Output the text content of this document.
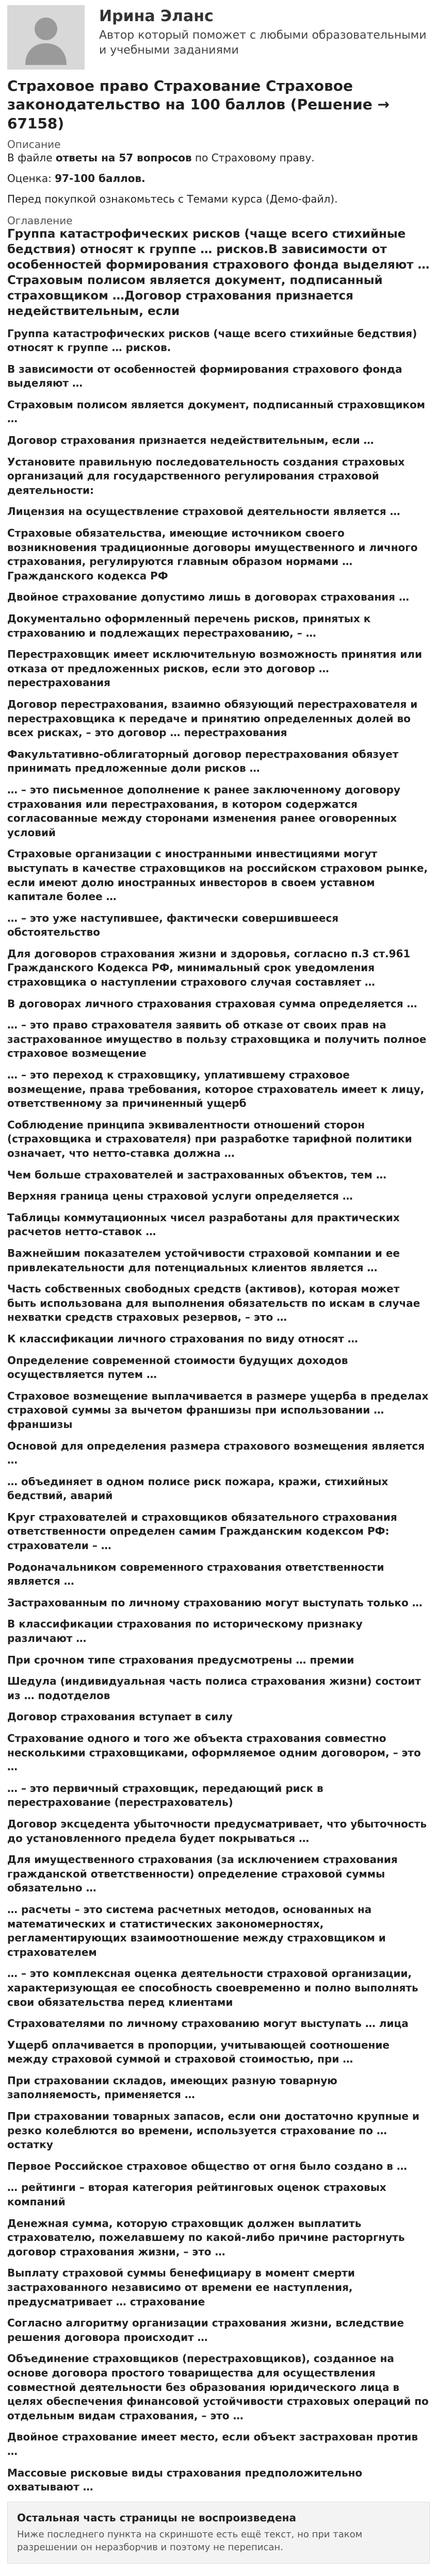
Ирина Эланс
Автор который поможет с любыми образовательными и учебными заданиями
Страховое право Страхование Страховое законодательство на 100 баллов (Решение → 67158)
Описание
В файле ответы на 57 вопросов по Страховому праву.
Оценка: 97-100 баллов.
Перед покупкой ознакомьтесь с Темами курса (Демо-файл).
Оглавление
Группа катастрофических рисков (чаще всего стихийные бедствия) относят к группе … рисков.В зависимости от особенностей формирования страхового фонда выделяют …Страховым полисом является документ, подписанный страховщиком …Договор страхования признается недействительным, если

Группа катастрофических рисков (чаще всего стихийные бедствия) относят к группе … рисков.

В зависимости от особенностей формирования страхового фонда выделяют …

Страховым полисом является документ, подписанный страховщиком …

Договор страхования признается недействительным, если …

Установите правильную последовательность создания страховых организаций для государственного регулирования страховой деятельности:

Лицензия на осуществление страховой деятельности является …

Страховые обязательства, имеющие источником своего возникновения традиционные договоры имущественного и личного страхования, регулируются главным образом нормами … Гражданского кодекса РФ

Двойное страхование допустимо лишь в договорах страхования …

Документально оформленный перечень рисков, принятых к страхованию и подлежащих перестрахованию, – …

Перестраховщик имеет исключительную возможность принятия или отказа от предложенных рисков, если это договор … перестрахования

Договор перестрахования, взаимно обязующий перестрахователя и перестраховщика к передаче и принятию определенных долей во всех рисках, – это договор … перестрахования

Факультативно-облигаторный договор перестрахования обязует принимать предложенные доли рисков …

… – это письменное дополнение к ранее заключенному договору страхования или перестрахования, в котором содержатся согласованные между сторонами изменения ранее оговоренных условий

Страховые организации с иностранными инвестициями могут выступать в качестве страховщиков на российском страховом рынке, если имеют долю иностранных инвесторов в своем уставном капитале более …

… – это уже наступившее, фактически совершившееся обстоятельство

Для договоров страхования жизни и здоровья, согласно п.3 ст.961 Гражданского Кодекса РФ, минимальный срок уведомления страховщика о наступлении страхового случая составляет …

В договорах личного страхования страховая сумма определяется …

… – это право страхователя заявить об отказе от своих прав на застрахованное имущество в пользу страховщика и получить полное страховое возмещение

… – это переход к страховщику, уплатившему страховое возмещение, права требования, которое страхователь имеет к лицу, ответственному за причиненный ущерб

Соблюдение принципа эквивалентности отношений сторон (страховщика и страхователя) при разработке тарифной политики означает, что нетто-ставка должна …

Чем больше страхователей и застрахованных объектов, тем …

Верхняя граница цены страховой услуги определяется …

Таблицы коммутационных чисел разработаны для практических расчетов нетто-ставок …

Важнейшим показателем устойчивости страховой компании и ее привлекательности для потенциальных клиентов является …

Часть собственных свободных средств (активов), которая может быть использована для выполнения обязательств по искам в случае нехватки средств страховых резервов, – это …

К классификации личного страхования по виду относят …

Определение современной стоимости будущих доходов осуществляется путем …

Страховое возмещение выплачивается в размере ущерба в пределах страховой суммы за вычетом франшизы при использовании … франшизы

Основой для определения размера страхового возмещения является …

… объединяет в одном полисе риск пожара, кражи, стихийных бедствий, аварий

Круг страхователей и страховщиков обязательного страхования ответственности определен самим Гражданским кодексом РФ: страхователи – …

Родоначальником современного страхования ответственности является …

Застрахованным по личному страхованию могут выступать только …

В классификации страхования по историческому признаку различают …

При срочном типе страхования предусмотрены … премии

Шедула (индивидуальная часть полиса страхования жизни) состоит из … подотделов

Договор страхования вступает в силу

Страхование одного и того же объекта страхования совместно несколькими страховщиками, оформляемое одним договором, – это …

… – это первичный страховщик, передающий риск в перестрахование (перестрахователь)

Договор эксцедента убыточности предусматривает, что убыточность до установленного предела будет покрываться …

Для имущественного страхования (за исключением страхования гражданской ответственности) определение страховой суммы обязательно …

… расчеты – это система расчетных методов, основанных на математических и статистических закономерностях, регламентирующих взаимоотношение между страховщиком и страхователем

… – это комплексная оценка деятельности страховой организации, характеризующая ее способность своевременно и полно выполнять свои обязательства перед клиентами

Страхователями по личному страхованию могут выступать … лица

Ущерб оплачивается в пропорции, учитывающей соотношение между страховой суммой и страховой стоимостью, при …

При страховании складов, имеющих разную товарную заполняемость, применяется …

При страховании товарных запасов, если они достаточно крупные и резко колеблются во времени, используется страхование по … остатку

Первое Российское страховое общество от огня было создано в …

… рейтинги – вторая категория рейтинговых оценок страховых компаний

Денежная сумма, которую страховщик должен выплатить страхователю, пожелавшему по какой-либо причине расторгнуть договор страхования жизни, – это …

Выплату страховой суммы бенефициару в момент смерти застрахованного независимо от времени ее наступления, предусматривает … страхование

Согласно алгоритму организации страхования жизни, вследствие решения договора происходит …

Объединение страховщиков (перестраховщиков), созданное на основе договора простого товарищества для осуществления совместной деятельности без образования юридического лица в целях обеспечения финансовой устойчивости страховых операций по отдельным видам страхования, – это …

Двойное страхование имеет место, если объект застрахован против …

Массовые рисковые виды страхования предположительно охватывают …

Остальная часть страницы не воспроизведена
Ниже последнего пункта на скриншоте есть ещё текст, но при таком разрешении он неразборчив и поэтому не переписан.
